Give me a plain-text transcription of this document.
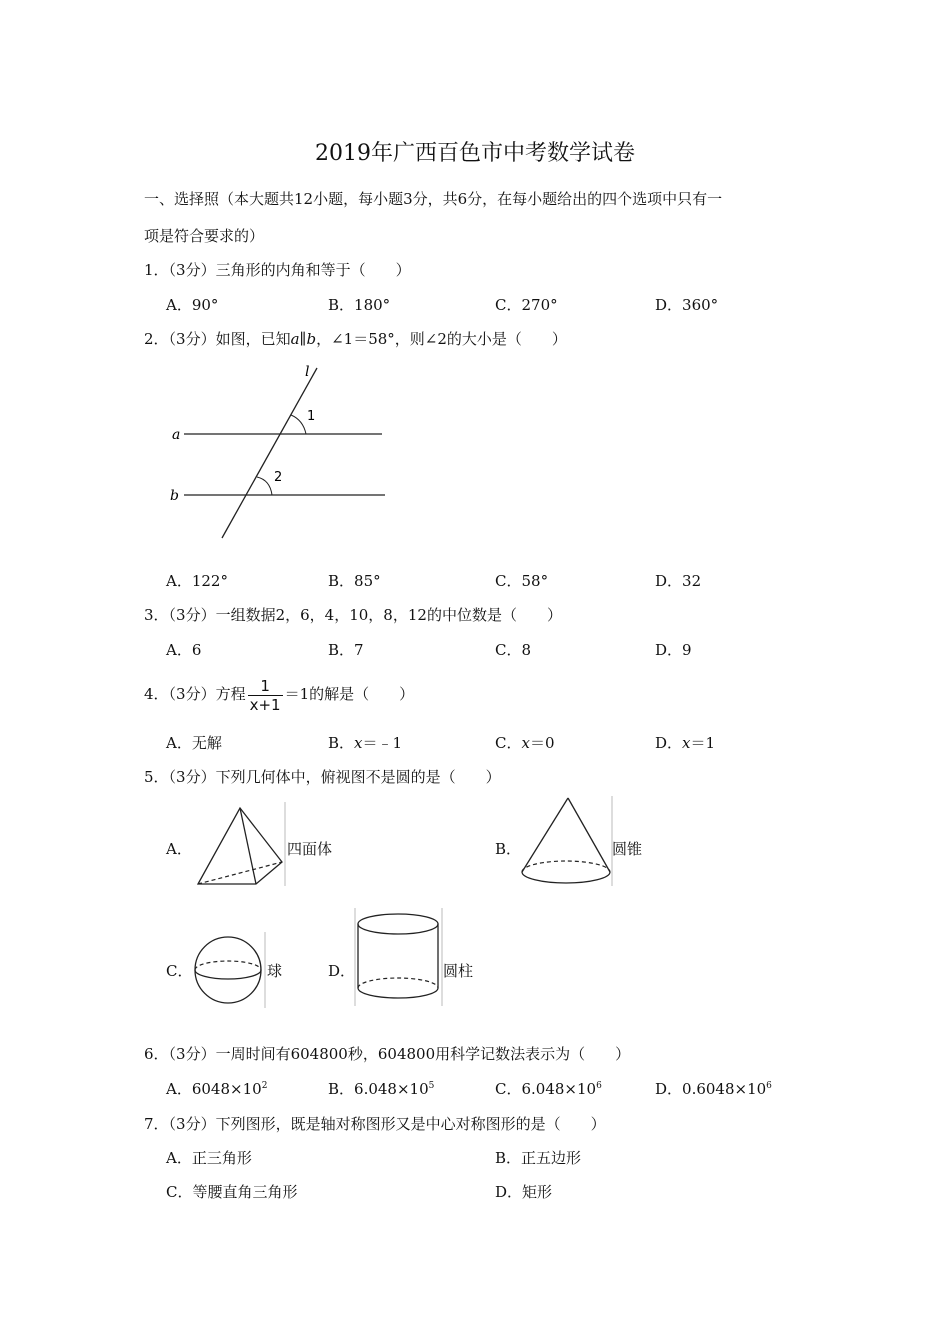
2019年广西百色市中考数学试卷
一、选择照（本大题共12小题，每小题3分，共6分，在每小题给出的四个选项中只有一
项是符合要求的）
1．（3分）三角形的内角和等于（　　）
A．90°	B．180°	C．270°	D．360°
2．（3分）如图，已知a∥b，∠1＝58°，则∠2的大小是（　　）
l
a
b
1
2
A．122°	B．85°	C．58°	D．32
3．（3分）一组数据2，6，4，10，8，12的中位数是（　　）
A．6	B．7	C．8	D．9
4．（3分）方程 $\frac{1}{x+1} =1$的解是（　　）
A．无解	B．x＝﹣1	C．x＝0	D．x＝1
5．（3分）下列几何体中，俯视图不是圆的是（　　）
A．	四面体	B．	圆锥
C．	球	D．	圆柱
6．（3分）一周时间有604800秒，604800用科学记数法表示为（　　）
A．$6048\times 10^2$	B．$6.048\times 10^5$	C．$6.048\times 10^6$	D．$0.6048\times 10^6$
7．（3分）下列图形，既是轴对称图形又是中心对称图形的是（　　）
A．正三角形	B．正五边形
C．等腰直角三角形	D．矩形
